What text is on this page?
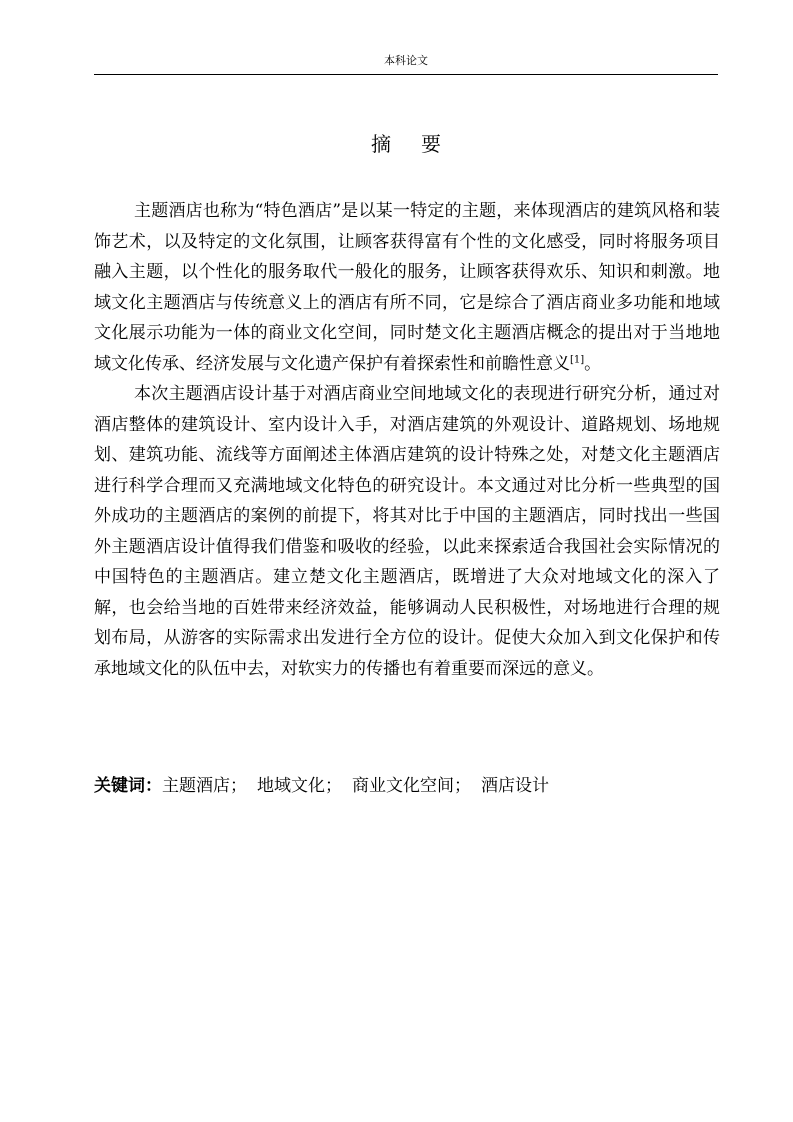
本科论文
摘要

主题酒店也称为“特色酒店”是以某一特定的主题，来体现酒店的建筑风格和装饰艺术，以及特定的文化氛围，让顾客获得富有个性的文化感受，同时将服务项目融入主题，以个性化的服务取代一般化的服务，让顾客获得欢乐、知识和刺激。地域文化主题酒店与传统意义上的酒店有所不同，它是综合了酒店商业多功能和地域文化展示功能为一体的商业文化空间，同时楚文化主题酒店概念的提出对于当地地域文化传承、经济发展与文化遗产保护有着探索性和前瞻性意义[1]。

本次主题酒店设计基于对酒店商业空间地域文化的表现进行研究分析，通过对酒店整体的建筑设计、室内设计入手，对酒店建筑的外观设计、道路规划、场地规划、建筑功能、流线等方面阐述主体酒店建筑的设计特殊之处，对楚文化主题酒店进行科学合理而又充满地域文化特色的研究设计。本文通过对比分析一些典型的国外成功的主题酒店的案例的前提下，将其对比于中国的主题酒店，同时找出一些国外主题酒店设计值得我们借鉴和吸收的经验，以此来探索适合我国社会实际情况的中国特色的主题酒店。建立楚文化主题酒店，既增进了大众对地域文化的深入了解，也会给当地的百姓带来经济效益，能够调动人民积极性，对场地进行合理的规划布局，从游客的实际需求出发进行全方位的设计。促使大众加入到文化保护和传承地域文化的队伍中去，对软实力的传播也有着重要而深远的意义。

关键词：主题酒店； 地域文化； 商业文化空间； 酒店设计
